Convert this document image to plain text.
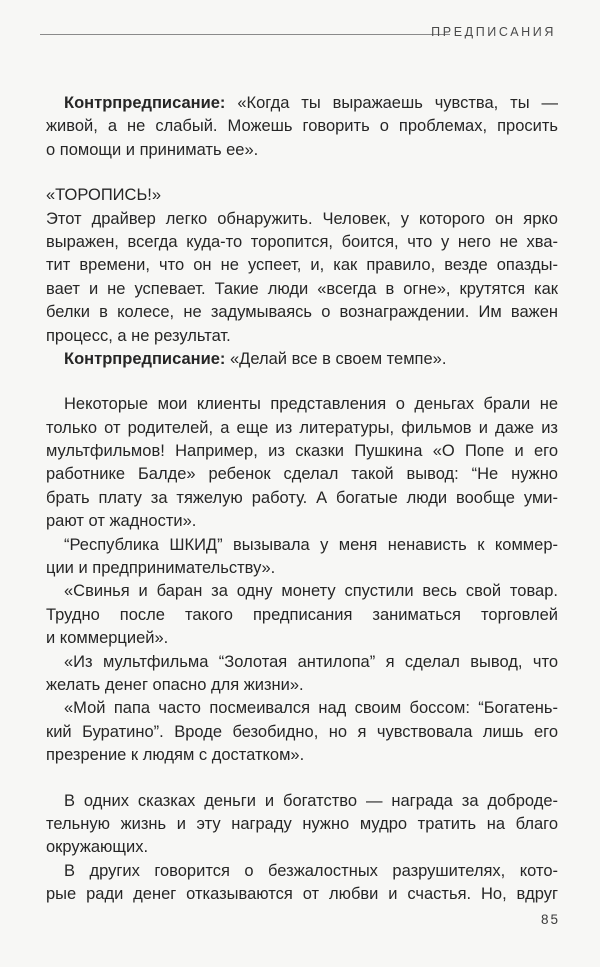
ПРЕДПИСАНИЯ
Контрпредписание: «Когда ты выражаешь чувства, ты —
живой, а не слабый. Можешь говорить о проблемах, просить
о помощи и принимать ее».
«ТОРОПИСЬ!»
Этот драйвер легко обнаружить. Человек, у которого он ярко
выражен, всегда куда-то торопится, боится, что у него не хва-
тит времени, что он не успеет, и, как правило, везде опазды-
вает и не успевает. Такие люди «всегда в огне», крутятся как
белки в колесе, не задумываясь о вознаграждении. Им важен
процесс, а не результат.
Контрпредписание: «Делай все в своем темпе».
Некоторые мои клиенты представления о деньгах брали не
только от родителей, а еще из литературы, фильмов и даже из
мультфильмов! Например, из сказки Пушкина «О Попе и его
работнике Балде» ребенок сделал такой вывод: “Не нужно
брать плату за тяжелую работу. А богатые люди вообще уми-
рают от жадности».
“Республика ШКИД” вызывала у меня ненависть к коммер-
ции и предпринимательству».
«Свинья и баран за одну монету спустили весь свой товар.
Трудно после такого предписания заниматься торговлей
и коммерцией».
«Из мультфильма “Золотая антилопа” я сделал вывод, что
желать денег опасно для жизни».
«Мой папа часто посмеивался над своим боссом: “Богатень-
кий Буратино”. Вроде безобидно, но я чувствовала лишь его
презрение к людям с достатком».
В одних сказках деньги и богатство — награда за доброде-
тельную жизнь и эту награду нужно мудро тратить на благо
окружающих.
В других говорится о безжалостных разрушителях, кото-
рые ради денег отказываются от любви и счастья. Но, вдруг
85
